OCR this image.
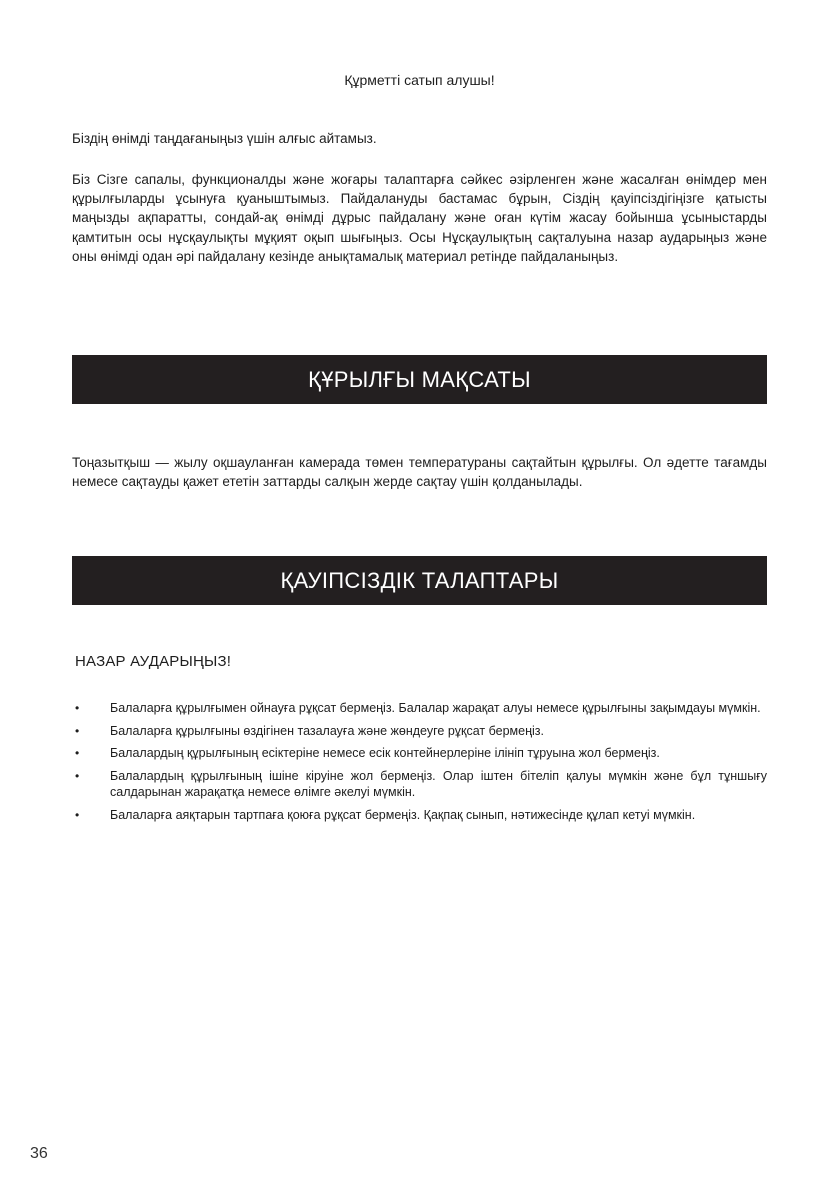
Құрметті сатып алушы!

Біздің өнімді таңдағаныңыз үшін алғыс айтамыз.

Біз Сізге сапалы, функционалды және жоғары талаптарға сәйкес әзірленген және жасалған өнімдер мен құрылғыларды ұсынуға қуаныштымыз. Пайдалануды бастамас бұрын, Сіздің қауіпсіздігіңізге қатысты маңызды ақпаратты, сондай-ақ өнімді дұрыс пайдалану және оған күтім жасау бойынша ұсыныстарды қамтитын осы нұсқаулықты мұқият оқып шығыңыз. Осы Нұсқаулықтың сақталуына назар аударыңыз және оны өнімді одан әрі пайдалану кезінде анықтамалық материал ретінде пайдаланыңыз.

ҚҰРЫЛҒЫ МАҚСАТЫ

Тоңазытқыш — жылу оқшауланған камерада төмен температураны сақтайтын құрылғы. Ол әдетте тағамды немесе сақтауды қажет ететін заттарды салқын жерде сақтау үшін қолданылады.

ҚАУІПСІЗДІК ТАЛАПТАРЫ
НАЗАР АУДАРЫҢЫЗ!
• Балаларға құрылғымен ойнауға рұқсат бермеңіз. Балалар жарақат алуы немесе құрылғыны зақымдауы мүмкін.
• Балаларға құрылғыны өздігінен тазалауға және жөндеуге рұқсат бермеңіз.
• Балалардың құрылғының есіктеріне немесе есік контейнерлеріне ілініп тұруына жол бермеңіз.
• Балалардың құрылғының ішіне кіруіне жол бермеңіз. Олар іштен бітеліп қалуы мүмкін және бұл тұншығу салдарынан жарақатқа немесе өлімге әкелуі мүмкін.
• Балаларға аяқтарын тартпаға қоюға рұқсат бермеңіз. Қақпақ сынып, нәтижесінде құлап кетуі мүмкін.

36
